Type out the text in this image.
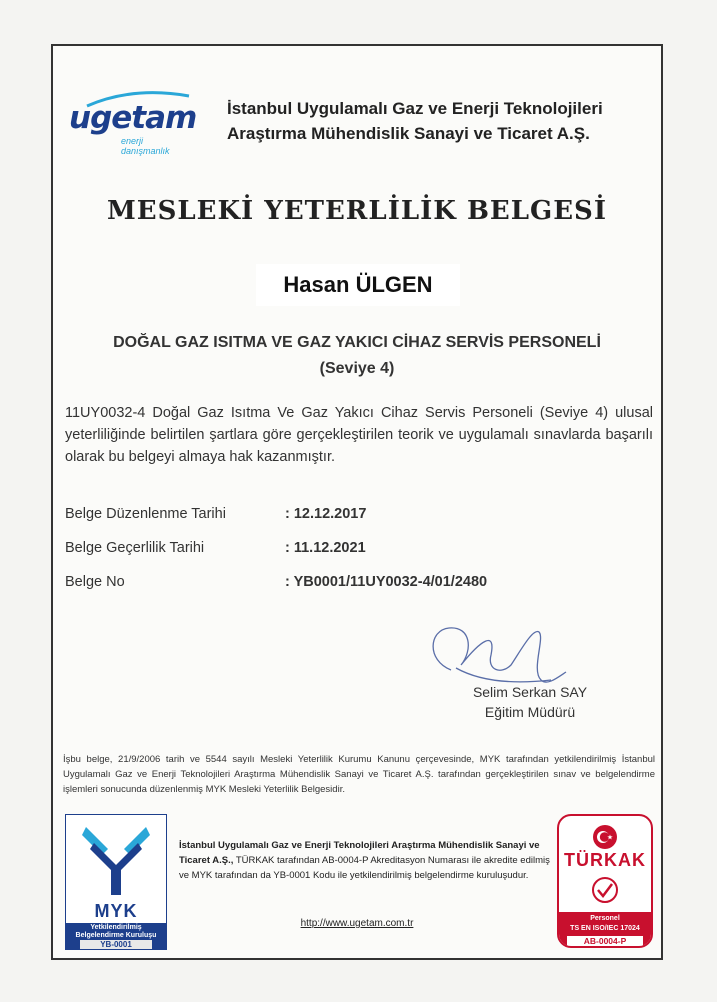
ugetam
enerji danışmanlık
İstanbul Uygulamalı Gaz ve Enerji Teknolojileri
Araştırma Mühendislik Sanayi ve Ticaret A.Ş.
MESLEKİ YETERLİLİK BELGESİ
Hasan ÜLGEN
DOĞAL GAZ ISITMA VE GAZ YAKICI CİHAZ SERVİS PERSONELİ
(Seviye 4)
11UY0032-4 Doğal Gaz Isıtma Ve Gaz Yakıcı Cihaz Servis Personeli (Seviye 4) ulusal yeterliliğinde belirtilen şartlara göre gerçekleştirilen teorik ve uygulamalı sınavlarda başarılı olarak bu belgeyi almaya hak kazanmıştır.
Belge Düzenlenme Tarihi	: 12.12.2017
Belge Geçerlilik Tarihi	: 11.12.2021
Belge No	: YB0001/11UY0032-4/01/2480
Selim Serkan SAY
Eğitim Müdürü
İşbu belge, 21/9/2006 tarih ve 5544 sayılı Mesleki Yeterlilik Kurumu Kanunu çerçevesinde, MYK tarafından yetkilendirilmiş İstanbul Uygulamalı Gaz ve Enerji Teknolojileri Araştırma Mühendislik Sanayi ve Ticaret A.Ş. tarafından gerçekleştirilen sınav ve belgelendirme işlemleri sonucunda düzenlenmiş MYK Mesleki Yeterlilik Belgesidir.
MYK
Yetkilendirilmiş
Belgelendirme Kuruluşu
YB-0001
İstanbul Uygulamalı Gaz ve Enerji Teknolojileri Araştırma Mühendislik Sanayi ve Ticaret A.Ş., TÜRKAK tarafından AB-0004-P Akreditasyon Numarası ile akredite edilmiş ve MYK tarafından da YB-0001 Kodu ile yetkilendirilmiş belgelendirme kuruluşudur.
http://www.ugetam.com.tr
TÜRKAK
Personel
TS EN ISO/IEC 17024
AB-0004-P
